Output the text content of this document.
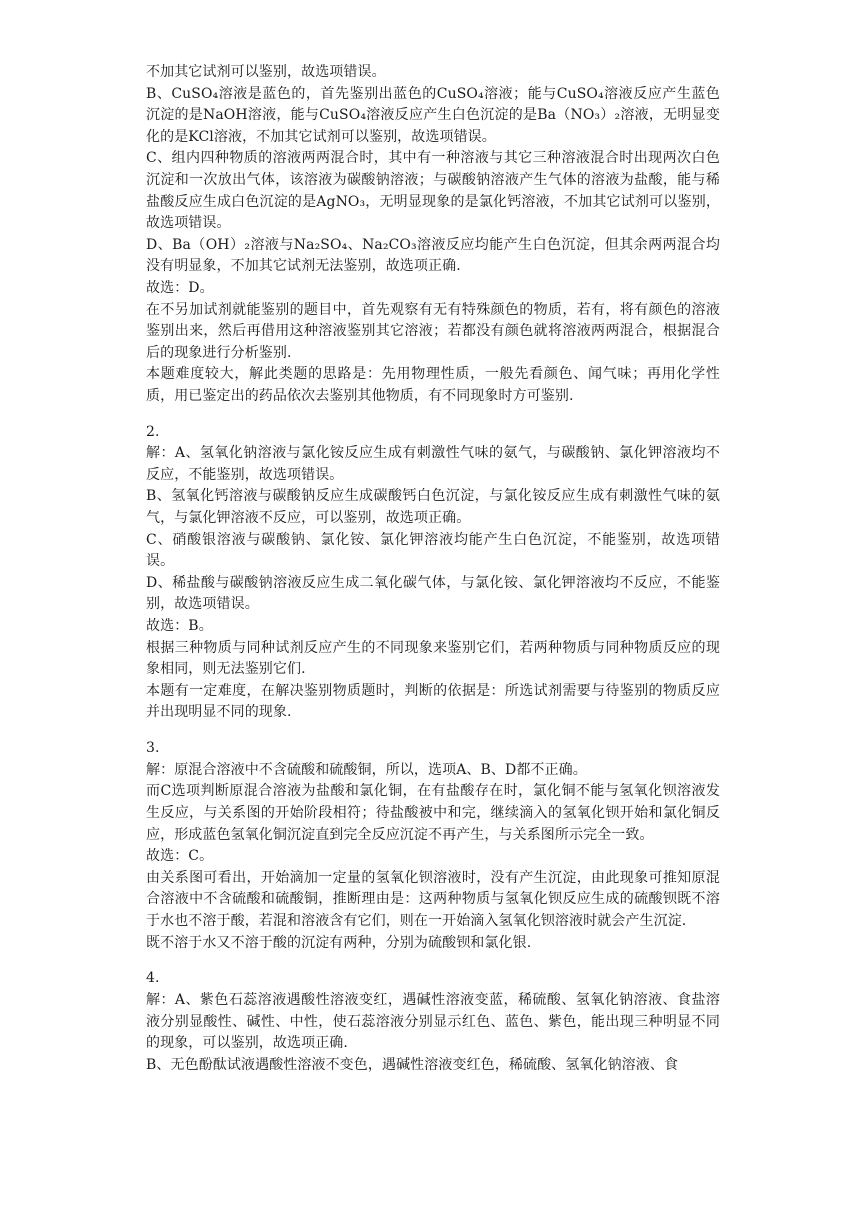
不加其它试剂可以鉴别，故选项错误。

B、CuSO₄溶液是蓝色的，首先鉴别出蓝色的CuSO₄溶液；能与CuSO₄溶液反应产生蓝色沉淀的是NaOH溶液，能与CuSO₄溶液反应产生白色沉淀的是Ba（NO₃）₂溶液，无明显变化的是KCl溶液，不加其它试剂可以鉴别，故选项错误。

C、组内四种物质的溶液两两混合时，其中有一种溶液与其它三种溶液混合时出现两次白色沉淀和一次放出气体，该溶液为碳酸钠溶液；与碳酸钠溶液产生气体的溶液为盐酸，能与稀盐酸反应生成白色沉淀的是AgNO₃，无明显现象的是氯化钙溶液，不加其它试剂可以鉴别，故选项错误。

D、Ba（OH）₂溶液与Na₂SO₄、Na₂CO₃溶液反应均能产生白色沉淀，但其余两两混合均没有明显象，不加其它试剂无法鉴别，故选项正确.

故选：D。

在不另加试剂就能鉴别的题目中，首先观察有无有特殊颜色的物质，若有，将有颜色的溶液鉴别出来，然后再借用这种溶液鉴别其它溶液；若都没有颜色就将溶液两两混合，根据混合后的现象进行分析鉴别.

本题难度较大，解此类题的思路是：先用物理性质，一般先看颜色、闻气味；再用化学性质，用已鉴定出的药品依次去鉴别其他物质，有不同现象时方可鉴别.

2.

解：A、氢氧化钠溶液与氯化铵反应生成有刺激性气味的氨气，与碳酸钠、氯化钾溶液均不反应，不能鉴别，故选项错误。

B、氢氧化钙溶液与碳酸钠反应生成碳酸钙白色沉淀，与氯化铵反应生成有刺激性气味的氨气，与氯化钾溶液不反应，可以鉴别，故选项正确。

C、硝酸银溶液与碳酸钠、氯化铵、氯化钾溶液均能产生白色沉淀，不能鉴别，故选项错误。

D、稀盐酸与碳酸钠溶液反应生成二氧化碳气体，与氯化铵、氯化钾溶液均不反应，不能鉴别，故选项错误。

故选：B。

根据三种物质与同种试剂反应产生的不同现象来鉴别它们，若两种物质与同种物质反应的现象相同，则无法鉴别它们.

本题有一定难度，在解决鉴别物质题时，判断的依据是：所选试剂需要与待鉴别的物质反应并出现明显不同的现象.

3.

解：原混合溶液中不含硫酸和硫酸铜，所以，选项A、B、D都不正确。

而C选项判断原混合溶液为盐酸和氯化铜，在有盐酸存在时，氯化铜不能与氢氧化钡溶液发生反应，与关系图的开始阶段相符；待盐酸被中和完，继续滴入的氢氧化钡开始和氯化铜反应，形成蓝色氢氧化铜沉淀直到完全反应沉淀不再产生，与关系图所示完全一致。

故选：C。

由关系图可看出，开始滴加一定量的氢氧化钡溶液时，没有产生沉淀，由此现象可推知原混合溶液中不含硫酸和硫酸铜，推断理由是：这两种物质与氢氧化钡反应生成的硫酸钡既不溶于水也不溶于酸，若混和溶液含有它们，则在一开始滴入氢氧化钡溶液时就会产生沉淀.

既不溶于水又不溶于酸的沉淀有两种，分别为硫酸钡和氯化银.

4.

解：A、紫色石蕊溶液遇酸性溶液变红，遇碱性溶液变蓝，稀硫酸、氢氧化钠溶液、食盐溶液分别显酸性、碱性、中性，使石蕊溶液分别显示红色、蓝色、紫色，能出现三种明显不同的现象，可以鉴别，故选项正确.

B、无色酚酞试液遇酸性溶液不变色，遇碱性溶液变红色，稀硫酸、氢氧化钠溶液、食
